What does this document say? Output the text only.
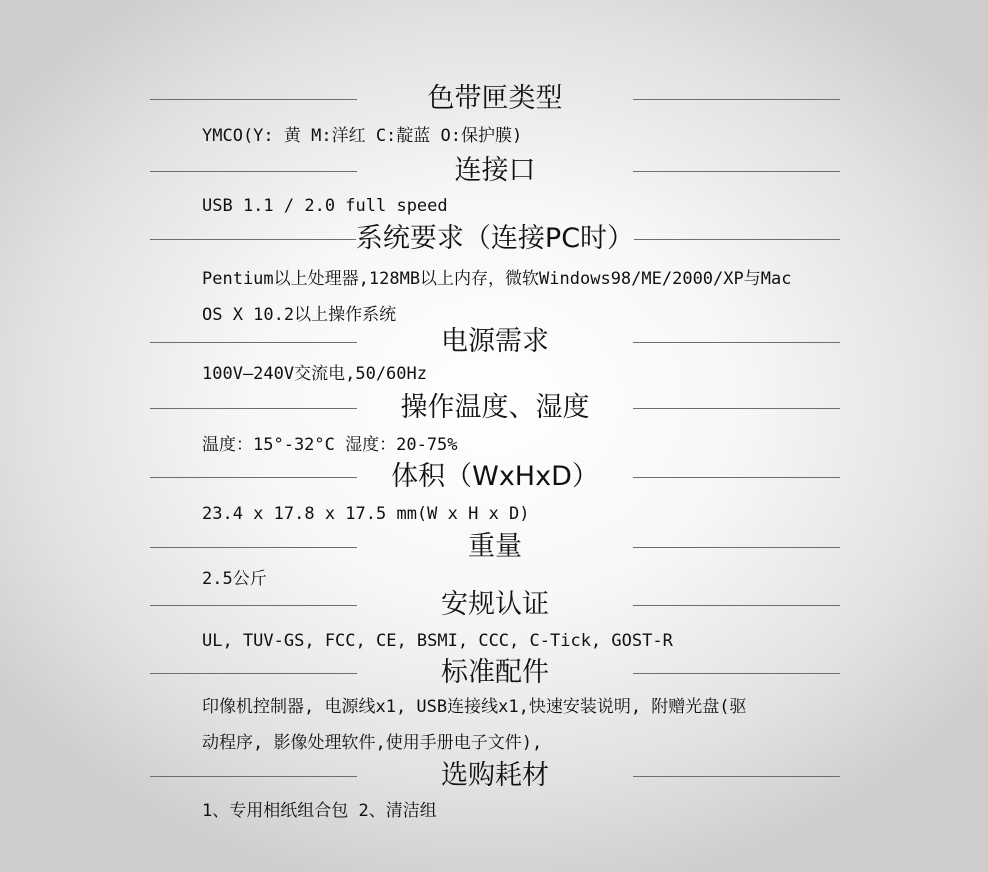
色带匣类型
YMCO(Y: 黄 M:洋红 C:靛蓝 O:保护膜)
连接口
USB 1.1 / 2.0 full speed
系统要求（连接PC时）
Pentium以上处理器,128MB以上内存，微软Windows98/ME/2000/XP与Mac
OS X 10.2以上操作系统
电源需求
100V—240V交流电,50/60Hz
操作温度、湿度
温度：15°-32°C 湿度：20-75%
体积（WxHxD）
23.4 x 17.8 x 17.5 mm(W x H x D)
重量
2.5公斤
安规认证
UL, TUV-GS, FCC, CE, BSMI, CCC, C-Tick, GOST-R
标准配件
印像机控制器, 电源线x1, USB连接线x1,快速安装说明, 附赠光盘(驱
动程序, 影像处理软件,使用手册电子文件),
选购耗材
1、专用相纸组合包 2、清洁组
